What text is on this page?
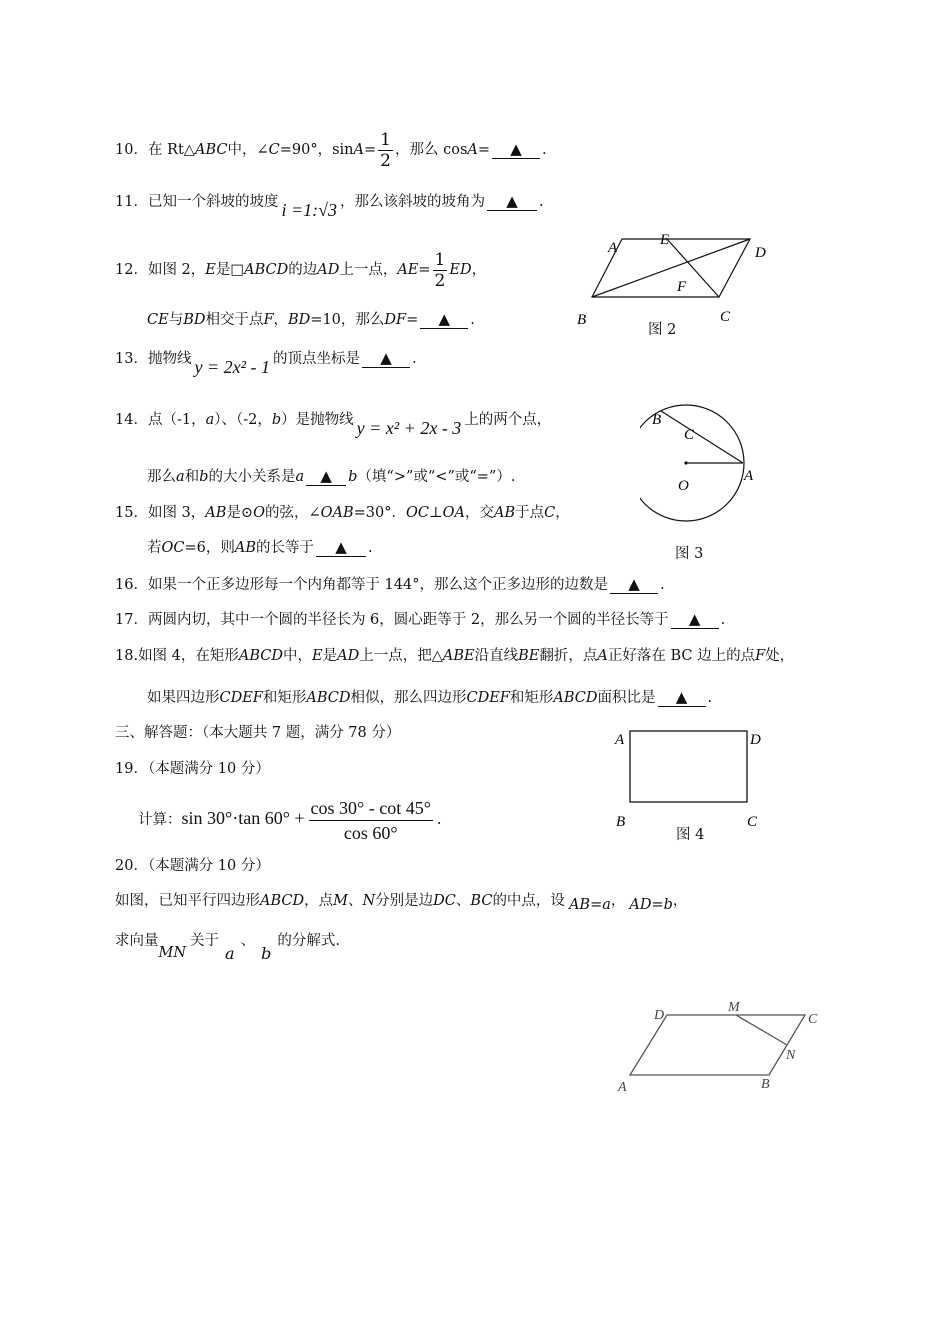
10．在 Rt△ABC中，∠C=90°，$\sin A= \frac{1}{2}$ ，那么 cosA= ▲ .
11．已知一个斜坡的坡度 i =1:√3 ，那么该斜坡的坡角为 ▲ .
12．如图 2，E是□ABCD的边AD上一点，$AE= \frac{1}{2}$ ED，
CE与BD相交于点F，BD=10，那么DF= ▲ .
13．抛物线 y = 2x² - 1 的顶点坐标是 ▲ .
14．点（-1，a）、（-2，b）是抛物线 y = x² + 2x - 3 上的两个点，
那么a和b的大小关系是a ▲ b（填“>”或“<”或“=”）.
15．如图 3，AB是⊙O的弦，∠OAB=30°．OC⊥OA，交AB于点C，
若OC=6，则AB的长等于 ▲ .
16．如果一个正多边形每一个内角都等于 144°，那么这个正多边形的边数是 ▲ .
17．两圆内切，其中一个圆的半径长为 6，圆心距等于 2，那么另一个圆的半径长等于 ▲ .
18.如图 4，在矩形ABCD中，E是AD上一点，把△ABE沿直线BE翻折，点A正好落在 BC 边上的点F处，
如果四边形CDEF和矩形ABCD相似，那么四边形CDEF和矩形ABCD面积比是 ▲ .
三、解答题：（本大题共 7 题，满分 78 分）
19．（本题满分 10 分）
计算：sin 30°·tan $60^\circ + \frac{\cos 30^\circ - \cot 45^\circ}{\cos 60^\circ}$ .
20．（本题满分 10 分）
如图，已知平行四边形ABCD，点M、N分别是边DC、BC的中点，设 AB=a， AD=b，
求向量MN关于a、b的分解式.
A	E
D
F
B	C
图 2
B
C
A
O
图 3
A	D
B	C
图 4
D
M
C
N
A	B
